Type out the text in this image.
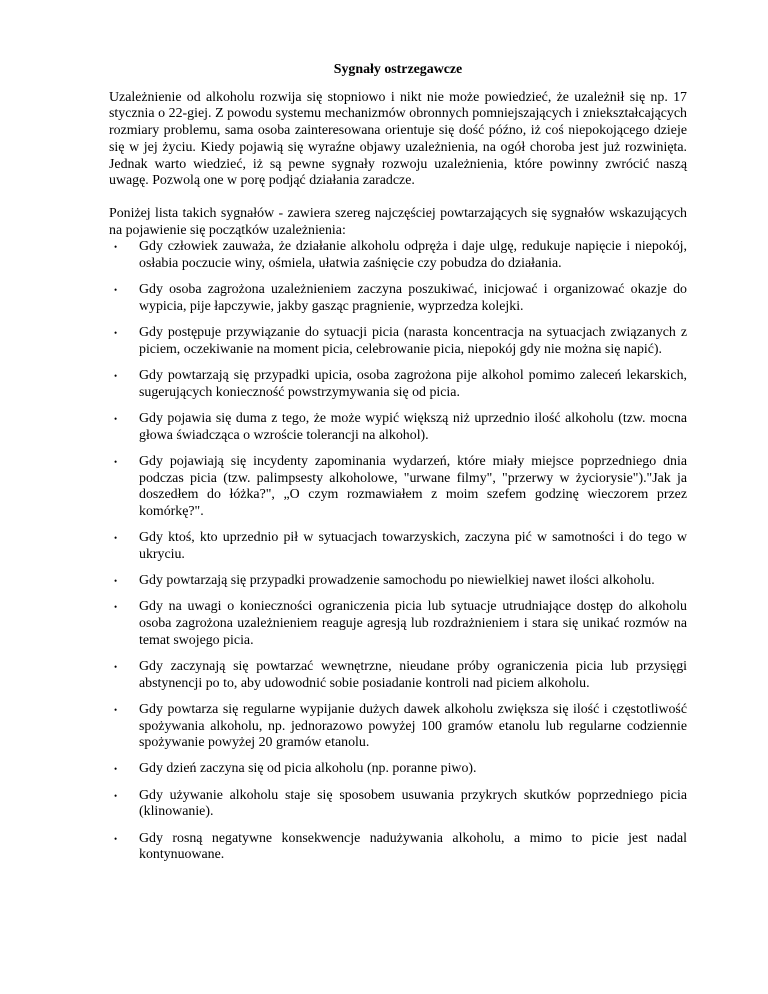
Sygnały ostrzegawcze

Uzależnienie od alkoholu rozwija się stopniowo i nikt nie może powiedzieć, że uzależnił się np. 17 stycznia o 22-giej. Z powodu systemu mechanizmów obronnych pomniejszających i zniekształcających rozmiary problemu, sama osoba zainteresowana orientuje się dość późno, iż coś niepokojącego dzieje się w jej życiu. Kiedy pojawią się wyraźne objawy uzależnienia, na ogół choroba jest już rozwinięta. Jednak warto wiedzieć, iż są pewne sygnały rozwoju uzależnienia, które powinny zwrócić naszą uwagę. Pozwolą one w porę podjąć działania zaradcze.

Poniżej lista takich sygnałów - zawiera szereg najczęściej powtarzających się sygnałów wskazujących na pojawienie się początków uzależnienia:

• Gdy człowiek zauważa, że działanie alkoholu odpręża i daje ulgę, redukuje napięcie i niepokój, osłabia poczucie winy, ośmiela, ułatwia zaśnięcie czy pobudza do działania.
• Gdy osoba zagrożona uzależnieniem zaczyna poszukiwać, inicjować i organizować okazje do wypicia, pije łapczywie, jakby gasząc pragnienie, wyprzedza kolejki.
• Gdy postępuje przywiązanie do sytuacji picia (narasta koncentracja na sytuacjach związanych z piciem, oczekiwanie na moment picia, celebrowanie picia, niepokój gdy nie można się napić).
• Gdy powtarzają się przypadki upicia, osoba zagrożona pije alkohol pomimo zaleceń lekarskich, sugerujących konieczność powstrzymywania się od picia.
• Gdy pojawia się duma z tego, że może wypić większą niż uprzednio ilość alkoholu (tzw. mocna głowa świadcząca o wzroście tolerancji na alkohol).
• Gdy pojawiają się incydenty zapominania wydarzeń, które miały miejsce poprzedniego dnia podczas picia (tzw. palimpsesty alkoholowe, "urwane filmy", "przerwy w życiorysie")."Jak ja doszedłem do łóżka?", „O czym rozmawiałem z moim szefem godzinę wieczorem przez komórkę?".
• Gdy ktoś, kto uprzednio pił w sytuacjach towarzyskich, zaczyna pić w samotności i do tego w ukryciu.
• Gdy powtarzają się przypadki prowadzenie samochodu po niewielkiej nawet ilości alkoholu.
• Gdy na uwagi o konieczności ograniczenia picia lub sytuacje utrudniające dostęp do alkoholu osoba zagrożona uzależnieniem reaguje agresją lub rozdrażnieniem i stara się unikać rozmów na temat swojego picia.
• Gdy zaczynają się powtarzać wewnętrzne, nieudane próby ograniczenia picia lub przysięgi abstynencji po to, aby udowodnić sobie posiadanie kontroli nad piciem alkoholu.
• Gdy powtarza się regularne wypijanie dużych dawek alkoholu zwiększa się ilość i częstotliwość spożywania alkoholu, np. jednorazowo powyżej 100 gramów etanolu lub regularne codziennie spożywanie powyżej 20 gramów etanolu.
• Gdy dzień zaczyna się od picia alkoholu (np. poranne piwo).
• Gdy używanie alkoholu staje się sposobem usuwania przykrych skutków poprzedniego picia (klinowanie).
• Gdy rosną negatywne konsekwencje nadużywania alkoholu, a mimo to picie jest nadal kontynuowane.
